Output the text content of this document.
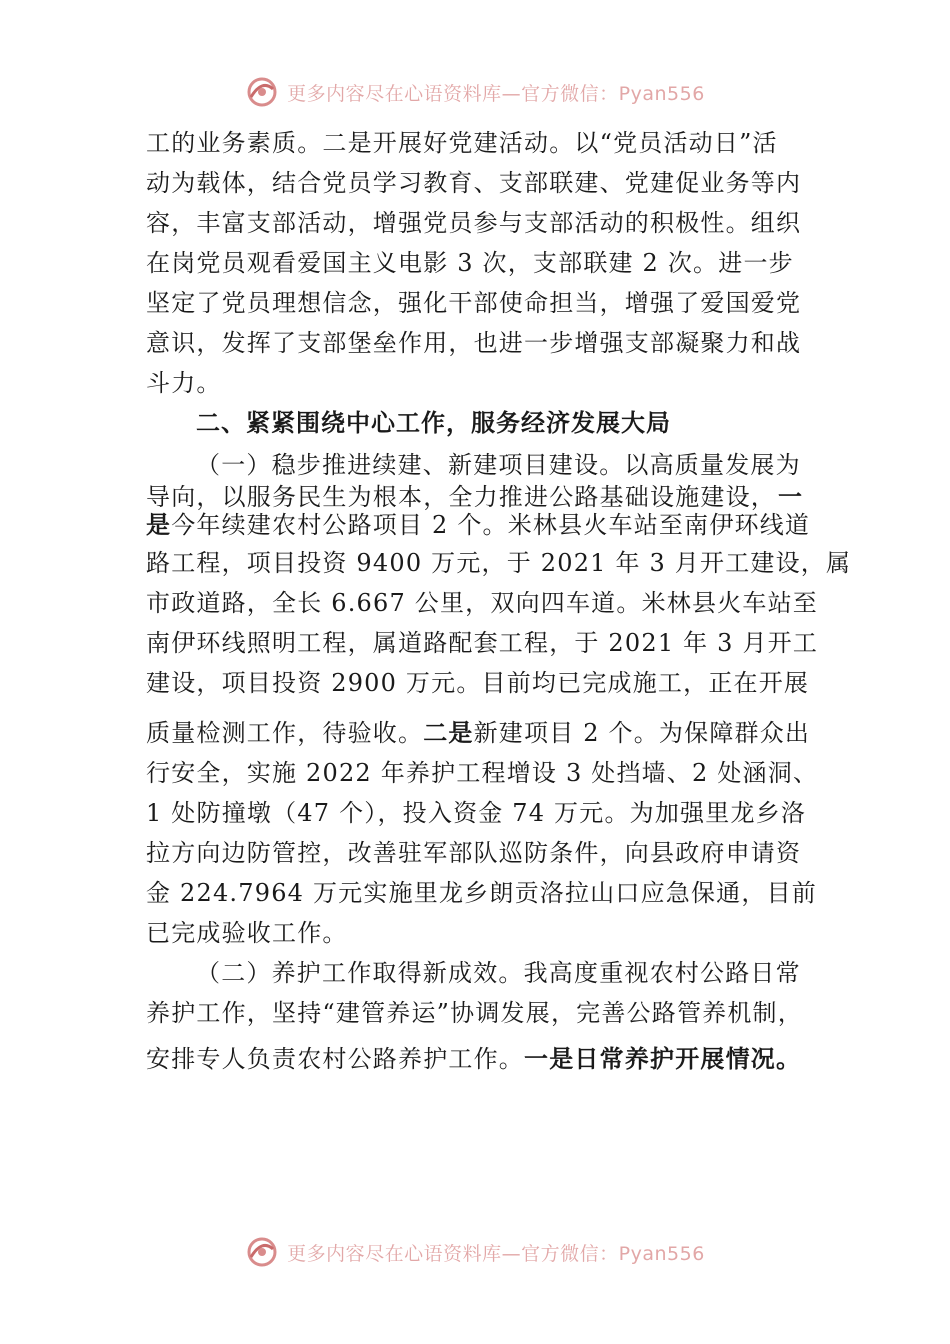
更多内容尽在心语资料库—官方微信：Pyan556
工的业务素质。二是开展好党建活动。以“党员活动日”活
动为载体，结合党员学习教育、支部联建、党建促业务等内
容，丰富支部活动，增强党员参与支部活动的积极性。组织
在岗党员观看爱国主义电影 3 次，支部联建 2 次。进一步
坚定了党员理想信念，强化干部使命担当，增强了爱国爱党
意识，发挥了支部堡垒作用，也进一步增强支部凝聚力和战
斗力。
二、紧紧围绕中心工作，服务经济发展大局
（一）稳步推进续建、新建项目建设。以高质量发展为
导向，以服务民生为根本，全力推进公路基础设施建设， 一
是今年续建农村公路项目 2 个。米林县火车站至南伊环线道
路工程，项目投资 9400 万元，于 2021 年 3 月开工建设，属
市政道路，全长 6.667 公里，双向四车道。米林县火车站至
南伊环线照明工程，属道路配套工程，于 2021 年 3 月开工
建设，项目投资 2900 万元。目前均已完成施工，正在开展
质量检测工作，待验收。二是新建项目 2 个。为保障群众出
行安全，实施 2022 年养护工程增设 3 处挡墙、2 处涵洞、
1 处防撞墩（47 个），投入资金 74 万元。为加强里龙乡洛
拉方向边防管控，改善驻军部队巡防条件，向县政府申请资
金 224.7964 万元实施里龙乡朗贡洛拉山口应急保通，目前
已完成验收工作。
（二）养护工作取得新成效。我高度重视农村公路日常
养护工作，坚持“建管养运”协调发展，完善公路管养机制，
安排专人负责农村公路养护工作。一是日常养护开展情况。
更多内容尽在心语资料库—官方微信：Pyan556
